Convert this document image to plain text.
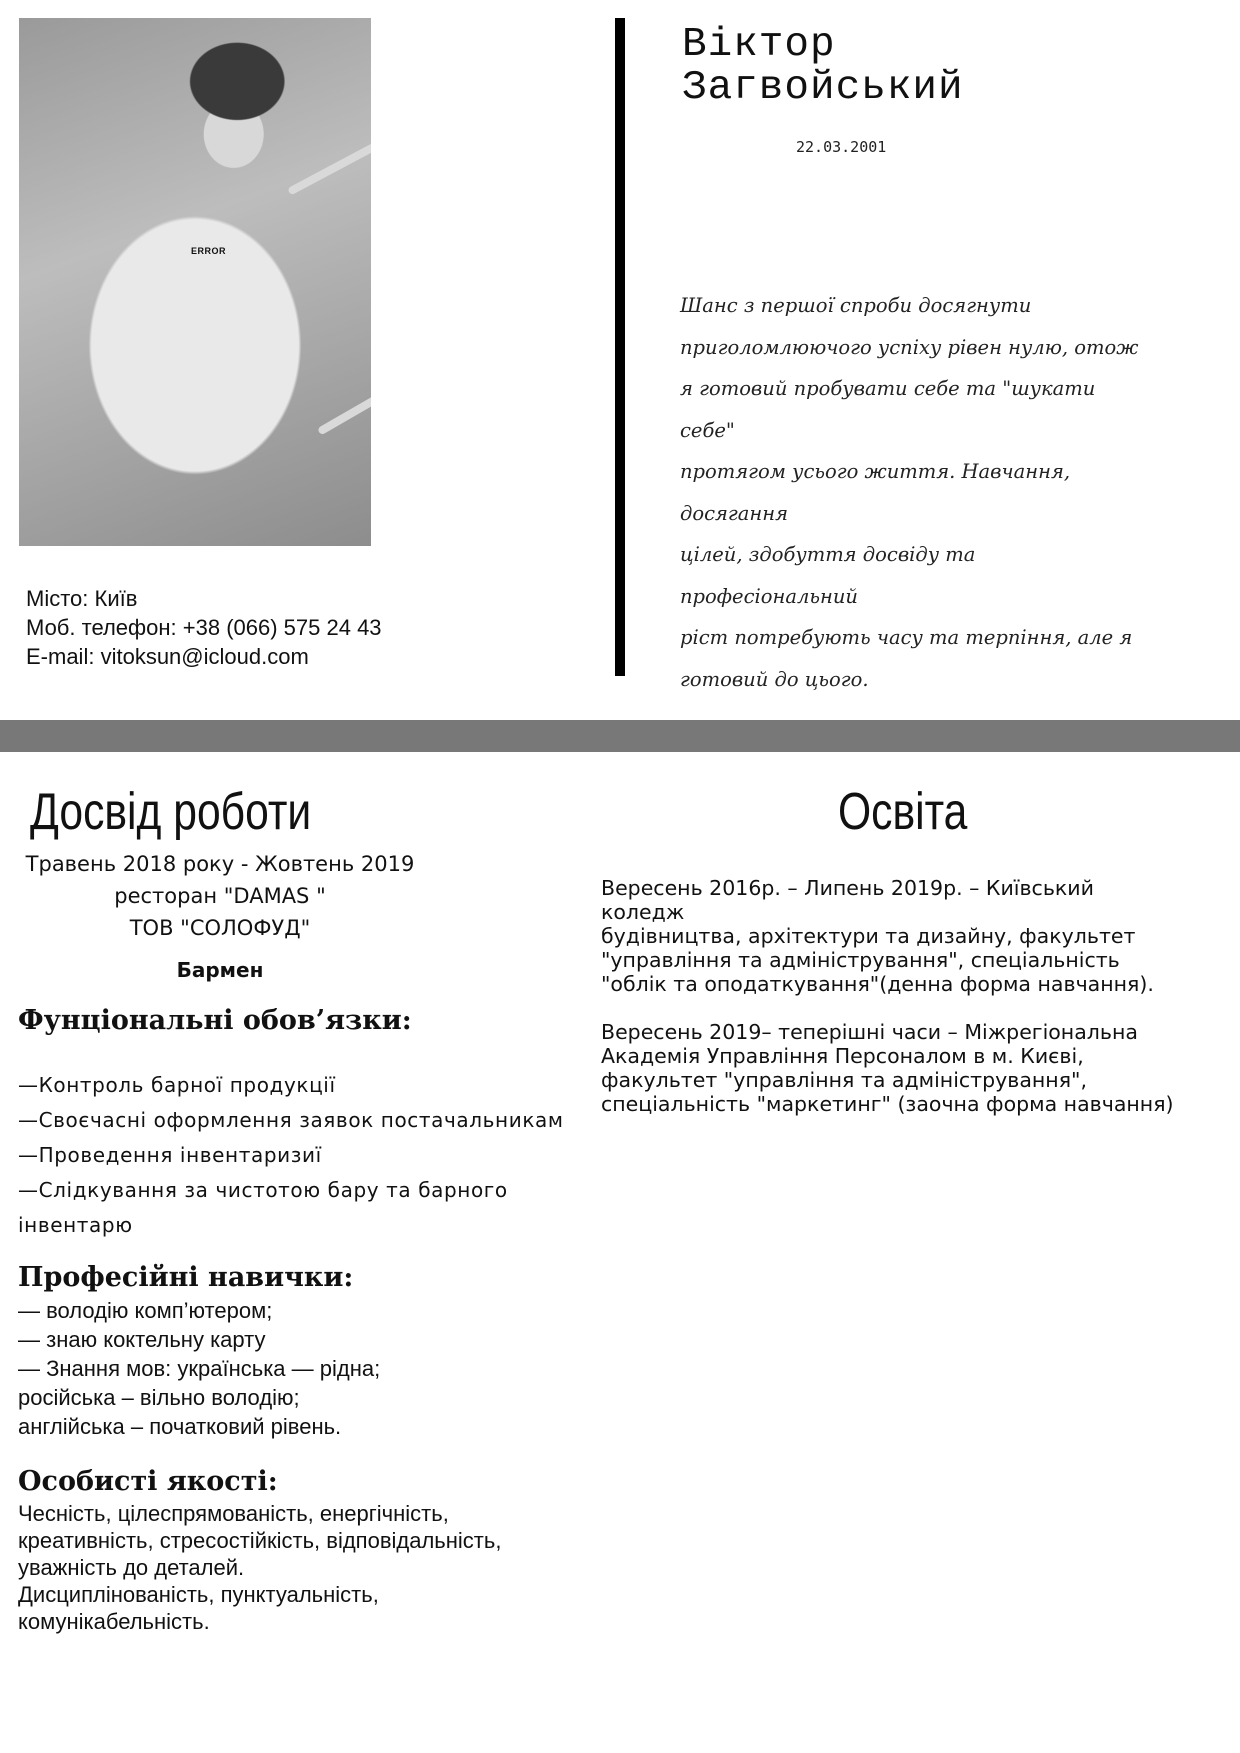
ERROR
Місто: Київ
Моб. телефон: +38 (066) 575 24 43
E-mail: vitoksun@icloud.com
Віктор
Загвойський
22.03.2001
Шанс з першої спроби досягнути
приголомлюючого успіху рівен нулю, отож
я готовий пробувати себе та "шукати себе"
протягом усього життя. Навчання, досягання
цілей, здобуття досвіду та професіональний
ріст потребують часу та терпіння, але я
готовий до цього.
Досвід роботи
Травень 2018 року - Жовтень 2019
ресторан "DAMAS "
ТОВ "СОЛОФУД"
Бармен
Фунціональні обов’язки:
—Контроль барної продукції
—Своєчасні оформлення заявок постачальникам
—Проведення інвентаризиї
—Слідкування за чистотою бару та барного інвентарю
Професійні навички:
— володію комп’ютером;
— знаю коктельну карту
— Знання мов: українська — рідна;
російська – вільно володію;
англійська – початковий рівень.
Особисті якості:
Чесність, цілеспрямованість, енергічність,
креативність, стресостійкість, відповідальність,
уважність до деталей.
Дисциплінованість, пунктуальність,
комунікабельність.
Освіта

Вересень 2016р. – Липень 2019р. – Київський
коледж
будівництва, архітектури та дизайну, факультет
"управління та адміністрування", спеціальність
"облік та оподаткування"(денна форма навчання).

Вересень 2019– теперішні часи – Міжрегіональна
Академія Управління Персоналом в м. Києві,
факультет "управління та адміністрування",
спеціальність "маркетинг" (заочна форма навчання)
